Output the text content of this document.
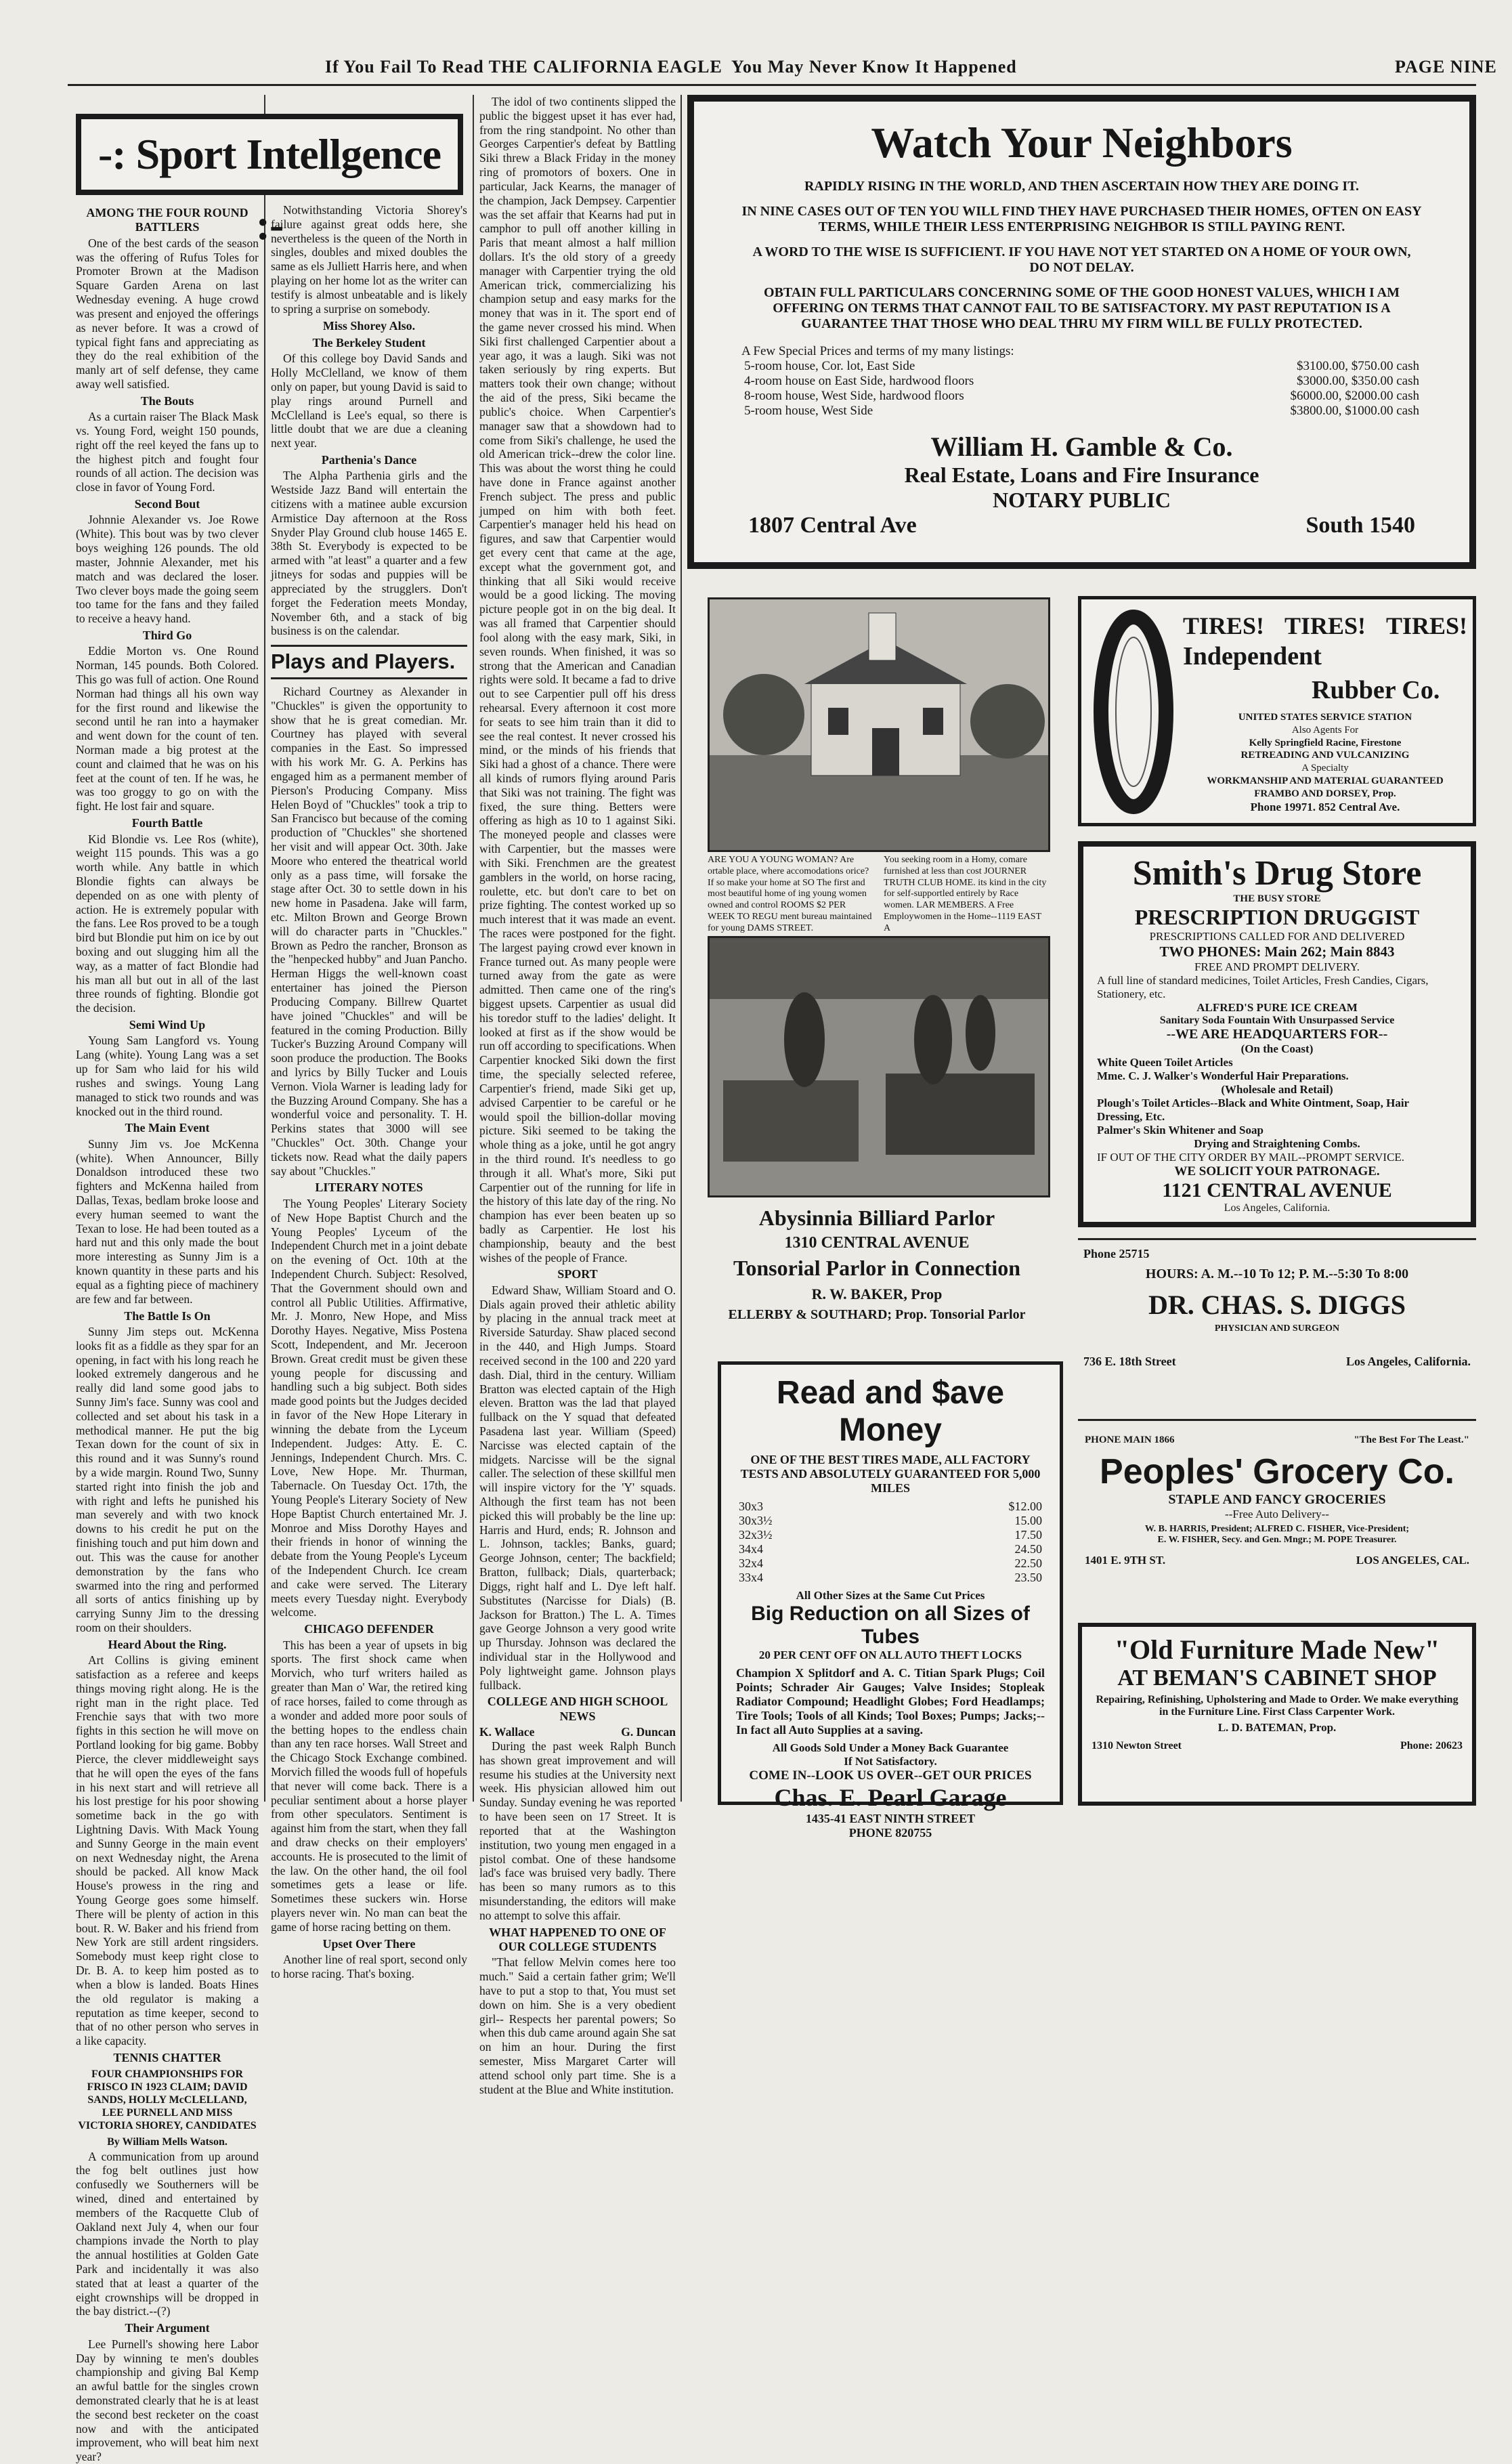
If You Fail To Read THE CALIFORNIA EAGLE You May Never Know It Happened	PAGE NINE
-: Sport Intellgence :-
AMONG THE FOUR ROUND BATTLERS

One of the best cards of the season was the offering of Rufus Toles for Promoter Brown at the Madison Square Garden Arena on last Wednesday evening. A huge crowd was present and enjoyed the offerings as never before. It was a crowd of typical fight fans and appreciating as they do the real exhibition of the manly art of self defense, they came away well satisfied.

The Bouts

As a curtain raiser The Black Mask vs. Young Ford, weight 150 pounds, right off the reel keyed the fans up to the highest pitch and fought four rounds of all action. The decision was close in favor of Young Ford.

Second Bout

Johnnie Alexander vs. Joe Rowe (White). This bout was by two clever boys weighing 126 pounds. The old master, Johnnie Alexander, met his match and was declared the loser. Two clever boys made the going seem too tame for the fans and they failed to receive a heavy hand.

Third Go

Eddie Morton vs. One Round Norman, 145 pounds. Both Colored. This go was full of action. One Round Norman had things all his own way for the first round and likewise the second until he ran into a haymaker and went down for the count of ten. Norman made a big protest at the count and claimed that he was on his feet at the count of ten. If he was, he was too groggy to go on with the fight. He lost fair and square.

Fourth Battle

Kid Blondie vs. Lee Ros (white), weight 115 pounds. This was a go worth while. Any battle in which Blondie fights can always be depended on as one with plenty of action. He is extremely popular with the fans. Lee Ros proved to be a tough bird but Blondie put him on ice by out boxing and out slugging him all the way, as a matter of fact Blondie had his man all but out in all of the last three rounds of fighting. Blondie got the decision.

Semi Wind Up

Young Sam Langford vs. Young Lang (white). Young Lang was a set up for Sam who laid for his wild rushes and swings. Young Lang managed to stick two rounds and was knocked out in the third round.

The Main Event

Sunny Jim vs. Joe McKenna (white). When Announcer, Billy Donaldson introduced these two fighters and McKenna hailed from Dallas, Texas, bedlam broke loose and every human seemed to want the Texan to lose. He had been touted as a hard nut and this only made the bout more interesting as Sunny Jim is a known quantity in these parts and his equal as a fighting piece of machinery are few and far between.

The Battle Is On

Sunny Jim steps out. McKenna looks fit as a fiddle as they spar for an opening, in fact with his long reach he looked extremely dangerous and he really did land some good jabs to Sunny Jim's face. Sunny was cool and collected and set about his task in a methodical manner. He put the big Texan down for the count of six in this round and it was Sunny's round by a wide margin. Round Two, Sunny started right into finish the job and with right and lefts he punished his man severely and with two knock downs to his credit he put on the finishing touch and put him down and out. This was the cause for another demonstration by the fans who swarmed into the ring and performed all sorts of antics finishing up by carrying Sunny Jim to the dressing room on their shoulders.

Heard About the Ring.

Art Collins is giving eminent satisfaction as a referee and keeps things moving right along. He is the right man in the right place. Ted Frenchie says that with two more fights in this section he will move on Portland looking for big game. Bobby Pierce, the clever middleweight says that he will open the eyes of the fans in his next start and will retrieve all his lost prestige for his poor showing sometime back in the go with Lightning Davis. With Mack Young and Sunny George in the main event on next Wednesday night, the Arena should be packed. All know Mack House's prowess in the ring and Young George goes some himself. There will be plenty of action in this bout. R. W. Baker and his friend from New York are still ardent ringsiders. Somebody must keep right close to Dr. B. A. to keep him posted as to when a blow is landed. Boats Hines the old regulator is making a reputation as time keeper, second to that of no other person who serves in a like capacity.

TENNIS CHATTER
FOUR CHAMPIONSHIPS FOR FRISCO IN 1923 CLAIM; DAVID SANDS, HOLLY McCLELLAND, LEE PURNELL AND MISS VICTORIA SHOREY, CANDIDATES
By William Mells Watson.

A communication from up around the fog belt outlines just how confusedly we Southerners will be wined, dined and entertained by members of the Racquette Club of Oakland next July 4, when our four champions invade the North to play the annual hostilities at Golden Gate Park and incidentally it was also stated that at least a quarter of the eight crownships will be dropped in the bay district.--(?)

Their Argument

Lee Purnell's showing here Labor Day by winning te men's doubles championship and giving Bal Kemp an awful battle for the singles crown demonstrated clearly that he is at least the second best recketer on the coast now and with the anticipated improvement, who will beat him next year?

Notwithstanding Victoria Shorey's failure against great odds here, she nevertheless is the queen of the North in singles, doubles and mixed doubles the same as els Julliett Harris here, and when playing on her home lot as the writer can testify is almost unbeatable and is likely to spring a surprise on somebody.

Miss Shorey Also.
The Berkeley Student

Of this college boy David Sands and Holly McClelland, we know of them only on paper, but young David is said to play rings around Purnell and McClelland is Lee's equal, so there is little doubt that we are due a cleaning next year.

Parthenia's Dance

The Alpha Parthenia girls and the Westside Jazz Band will entertain the citizens with a matinee auble excursion Armistice Day afternoon at the Ross Snyder Play Ground club house 1465 E. 38th St. Everybody is expected to be armed with "at least" a quarter and a few jitneys for sodas and puppies will be appreciated by the strugglers. Don't forget the Federation meets Monday, November 6th, and a stack of big business is on the calendar.

Plays and Players.

Richard Courtney as Alexander in "Chuckles" is given the opportunity to show that he is great comedian. Mr. Courtney has played with several companies in the East. So impressed with his work Mr. G. A. Perkins has engaged him as a permanent member of Pierson's Producing Company. Miss Helen Boyd of "Chuckles" took a trip to San Francisco but because of the coming production of "Chuckles" she shortened her visit and will appear Oct. 30th. Jake Moore who entered the theatrical world only as a pass time, will forsake the stage after Oct. 30 to settle down in his new home in Pasadena. Jake will farm, etc. Milton Brown and George Brown will do character parts in "Chuckles." Brown as Pedro the rancher, Bronson as the "henpecked hubby" and Juan Pancho. Herman Higgs the well-known coast entertainer has joined the Pierson Producing Company. Billrew Quartet have joined "Chuckles" and will be featured in the coming Production. Billy Tucker's Buzzing Around Company will soon produce the production. The Books and lyrics by Billy Tucker and Louis Vernon. Viola Warner is leading lady for the Buzzing Around Company. She has a wonderful voice and personality. T. H. Perkins states that 3000 will see "Chuckles" Oct. 30th. Change your tickets now. Read what the daily papers say about "Chuckles."

LITERARY NOTES

The Young Peoples' Literary Society of New Hope Baptist Church and the Young Peoples' Lyceum of the Independent Church met in a joint debate on the evening of Oct. 10th at the Independent Church. Subject: Resolved, That the Government should own and control all Public Utilities. Affirmative, Mr. J. Monro, New Hope, and Miss Dorothy Hayes. Negative, Miss Postena Scott, Independent, and Mr. Jeceroon Brown. Great credit must be given these young people for discussing and handling such a big subject. Both sides made good points but the Judges decided in favor of the New Hope Literary in winning the debate from the Lyceum Independent. Judges: Atty. E. C. Jennings, Independent Church. Mrs. C. Love, New Hope. Mr. Thurman, Tabernacle. On Tuesday Oct. 17th, the Young People's Literary Society of New Hope Baptist Church entertained Mr. J. Monroe and Miss Dorothy Hayes and their friends in honor of winning the debate from the Young People's Lyceum of the Independent Church. Ice cream and cake were served. The Literary meets every Tuesday night. Everybody welcome.

CHICAGO DEFENDER

This has been a year of upsets in big sports. The first shock came when Morvich, who turf writers hailed as greater than Man o' War, the retired king of race horses, failed to come through as a wonder and added more poor souls of the betting hopes to the endless chain than any ten race horses. Wall Street and the Chicago Stock Exchange combined. Morvich filled the woods full of hopefuls that never will come back. There is a peculiar sentiment about a horse player from other speculators. Sentiment is against him from the start, when they fall and draw checks on their employers' accounts. He is prosecuted to the limit of the law. On the other hand, the oil fool sometimes gets a lease or life. Sometimes these suckers win. Horse players never win. No man can beat the game of horse racing betting on them.

Upset Over There

Another line of real sport, second only to horse racing. That's boxing.

The idol of two continents slipped the public the biggest upset it has ever had, from the ring standpoint. No other than Georges Carpentier's defeat by Battling Siki threw a Black Friday in the money ring of promotors of boxers. One in particular, Jack Kearns, the manager of the champion, Jack Dempsey. Carpentier was the set affair that Kearns had put in camphor to pull off another killing in Paris that meant almost a half million dollars. It's the old story of a greedy manager with Carpentier trying the old American trick, commercializing his champion setup and easy marks for the money that was in it. The sport end of the game never crossed his mind. When Siki first challenged Carpentier about a year ago, it was a laugh. Siki was not taken seriously by ring experts. But matters took their own change; without the aid of the press, Siki became the public's choice. When Carpentier's manager saw that a showdown had to come from Siki's challenge, he used the old American trick--drew the color line. This was about the worst thing he could have done in France against another French subject. The press and public jumped on him with both feet. Carpentier's manager held his head on figures, and saw that Carpentier would get every cent that came at the age, except what the government got, and thinking that all Siki would receive would be a good licking. The moving picture people got in on the big deal. It was all framed that Carpentier should fool along with the easy mark, Siki, in seven rounds. When finished, it was so strong that the American and Canadian rights were sold. It became a fad to drive out to see Carpentier pull off his dress rehearsal. Every afternoon it cost more for seats to see him train than it did to see the real contest. It never crossed his mind, or the minds of his friends that Siki had a ghost of a chance. There were all kinds of rumors flying around Paris that Siki was not training. The fight was fixed, the sure thing. Betters were offering as high as 10 to 1 against Siki. The moneyed people and classes were with Carpentier, but the masses were with Siki. Frenchmen are the greatest gamblers in the world, on horse racing, roulette, etc. but don't care to bet on prize fighting. The contest worked up so much interest that it was made an event. The races were postponed for the fight. The largest paying crowd ever known in France turned out. As many people were turned away from the gate as were admitted. Then came one of the ring's biggest upsets. Carpentier as usual did his toredor stuff to the ladies' delight. It looked at first as if the show would be run off according to specifications. When Carpentier knocked Siki down the first time, the specially selected referee, Carpentier's friend, made Siki get up, advised Carpentier to be careful or he would spoil the billion-dollar moving picture. Siki seemed to be taking the whole thing as a joke, until he got angry in the third round. It's needless to go through it all. What's more, Siki put Carpentier out of the running for life in the history of this late day of the ring. No champion has ever been beaten up so badly as Carpentier. He lost his championship, beauty and the best wishes of the people of France.

SPORT

Edward Shaw, William Stoard and O. Dials again proved their athletic ability by placing in the annual track meet at Riverside Saturday. Shaw placed second in the 440, and High Jumps. Stoard received second in the 100 and 220 yard dash. Dial, third in the century. William Bratton was elected captain of the High eleven. Bratton was the lad that played fullback on the Y squad that defeated Pasadena last year. William (Speed) Narcisse was elected captain of the midgets. Narcisse will be the signal caller. The selection of these skillful men will inspire victory for the 'Y' squads. Although the first team has not been picked this will probably be the line up: Harris and Hurd, ends; R. Johnson and L. Johnson, tackles; Banks, guard; George Johnson, center; The backfield; Bratton, fullback; Dials, quarterback; Diggs, right half and L. Dye left half. Substitutes (Narcisse for Dials) (B. Jackson for Bratton.) The L. A. Times gave George Johnson a very good write up Thursday. Johnson was declared the individual star in the Hollywood and Poly lightweight game. Johnson plays fullback.

COLLEGE AND HIGH SCHOOL NEWS
K. Wallace	G. Duncan

During the past week Ralph Bunch has shown great improvement and will resume his studies at the University next week. His physician allowed him out Sunday. Sunday evening he was reported to have been seen on 17 Street. It is reported that at the Washington institution, two young men engaged in a pistol combat. One of these handsome lad's face was bruised very badly. There has been so many rumors as to this misunderstanding, the editors will make no attempt to solve this affair.

WHAT HAPPENED TO ONE OF OUR COLLEGE STUDENTS

"That fellow Melvin comes here too much." Said a certain father grim; We'll have to put a stop to that, You must set down on him. She is a very obedient girl-- Respects her parental powers; So when this dub came around again She sat on him an hour. During the first semester, Miss Margaret Carter will attend school only part time. She is a student at the Blue and White institution.

Watch Your Neighbors
RAPIDLY RISING IN THE WORLD, AND THEN ASCERTAIN HOW THEY ARE DOING IT.
IN NINE CASES OUT OF TEN YOU WILL FIND THEY HAVE PURCHASED THEIR HOMES, OFTEN ON EASY TERMS, WHILE THEIR LESS ENTERPRISING NEIGHBOR IS STILL PAYING RENT.
A WORD TO THE WISE IS SUFFICIENT. IF YOU HAVE NOT YET STARTED ON A HOME OF YOUR OWN, DO NOT DELAY.
OBTAIN FULL PARTICULARS CONCERNING SOME OF THE GOOD HONEST VALUES, WHICH I AM OFFERING ON TERMS THAT CANNOT FAIL TO BE SATISFACTORY. MY PAST REPUTATION IS A GUARANTEE THAT THOSE WHO DEAL THRU MY FIRM WILL BE FULLY PROTECTED.
A Few Special Prices and terms of my many listings:
5-room house, Cor. lot, East Side	$3100.00, $750.00 cash
4-room house on East Side, hardwood floors	$3000.00, $350.00 cash
8-room house, West Side, hardwood floors	$6000.00, $2000.00 cash
5-room house, West Side	$3800.00, $1000.00 cash
William H. Gamble & Co.
Real Estate, Loans and Fire Insurance
NOTARY PUBLIC
1807 Central Ave	South 1540
ARE YOU A YOUNG WOMAN? Are ortable place, where accomodations orice? If so make your home at SO The first and most beautiful home of ing young women owned and control ROOMS $2 PER WEEK TO REGU ment bureau maintained for young DAMS STREET.
You seeking room in a Homy, comare furnished at less than cost JOURNER TRUTH CLUB HOME. its kind in the city for self-supportled entirely by Race women. LAR MEMBERS. A Free Employwomen in the Home--1119 EAST A
Abysinnia Billiard Parlor
1310 CENTRAL AVENUE
Tonsorial Parlor in Connection
R. W. BAKER, Prop
ELLERBY & SOUTHARD; Prop. Tonsorial Parlor
Read and $ave Money
ONE OF THE BEST TIRES MADE, ALL FACTORY TESTS AND ABSOLUTELY GUARANTEED FOR 5,000 MILES
30x3	$12.00
30x3½	15.00
32x3½	17.50
34x4	24.50
32x4	22.50
33x4	23.50
All Other Sizes at the Same Cut Prices
Big Reduction on all Sizes of Tubes
20 PER CENT OFF ON ALL AUTO THEFT LOCKS
Champion X Splitdorf and A. C. Titian Spark Plugs; Coil Points; Schrader Air Gauges; Valve Insides; Stopleak Radiator Compound; Headlight Globes; Ford Headlamps; Tire Tools; Tools of all Kinds; Tool Boxes; Pumps; Jacks;--In fact all Auto Supplies at a saving.
All Goods Sold Under a Money Back Guarantee
If Not Satisfactory.
COME IN--LOOK US OVER--GET OUR PRICES
Chas. E. Pearl Garage
1435-41 EAST NINTH STREET
PHONE 820755
TIRES! TIRES! TIRES!
Independent
Rubber Co.
UNITED STATES SERVICE STATION
Also Agents For
Kelly Springfield Racine, Firestone
RETREADING AND VULCANIZING
A Specialty
WORKMANSHIP AND MATERIAL GUARANTEED
FRAMBO AND DORSEY, Prop.
Phone 19971. 852 Central Ave.
Smith's Drug Store
THE BUSY STORE
PRESCRIPTION DRUGGIST
PRESCRIPTIONS CALLED FOR AND DELIVERED
TWO PHONES: Main 262; Main 8843
FREE AND PROMPT DELIVERY.
A full line of standard medicines, Toilet Articles, Fresh Candies, Cigars, Stationery, etc.
ALFRED'S PURE ICE CREAM
Sanitary Soda Fountain With Unsurpassed Service
--WE ARE HEADQUARTERS FOR--
(On the Coast)
White Queen Toilet Articles
Mme. C. J. Walker's Wonderful Hair Preparations.
(Wholesale and Retail)
Plough's Toilet Articles--Black and White Ointment, Soap, Hair Dressing, Etc.
Palmer's Skin Whitener and Soap
Drying and Straightening Combs.
IF OUT OF THE CITY ORDER BY MAIL--PROMPT SERVICE.
WE SOLICIT YOUR PATRONAGE.
1121 CENTRAL AVENUE
Los Angeles, California.
Phone 25715
HOURS: A. M.--10 To 12; P. M.--5:30 To 8:00
DR. CHAS. S. DIGGS
PHYSICIAN AND SURGEON
736 E. 18th Street	Los Angeles, California.
PHONE MAIN 1866	"The Best For The Least."
Peoples' Grocery Co.
STAPLE AND FANCY GROCERIES
--Free Auto Delivery--
W. B. HARRIS, President; ALFRED C. FISHER, Vice-President;
E. W. FISHER, Secy. and Gen. Mngr.; M. POPE Treasurer.
1401 E. 9TH ST.	LOS ANGELES, CAL.
"Old Furniture Made New"
AT BEMAN'S CABINET SHOP
Repairing, Refinishing, Upholstering and Made to Order. We make everything in the Furniture Line. First Class Carpenter Work.
L. D. BATEMAN, Prop.
1310 Newton Street	Phone: 20623
